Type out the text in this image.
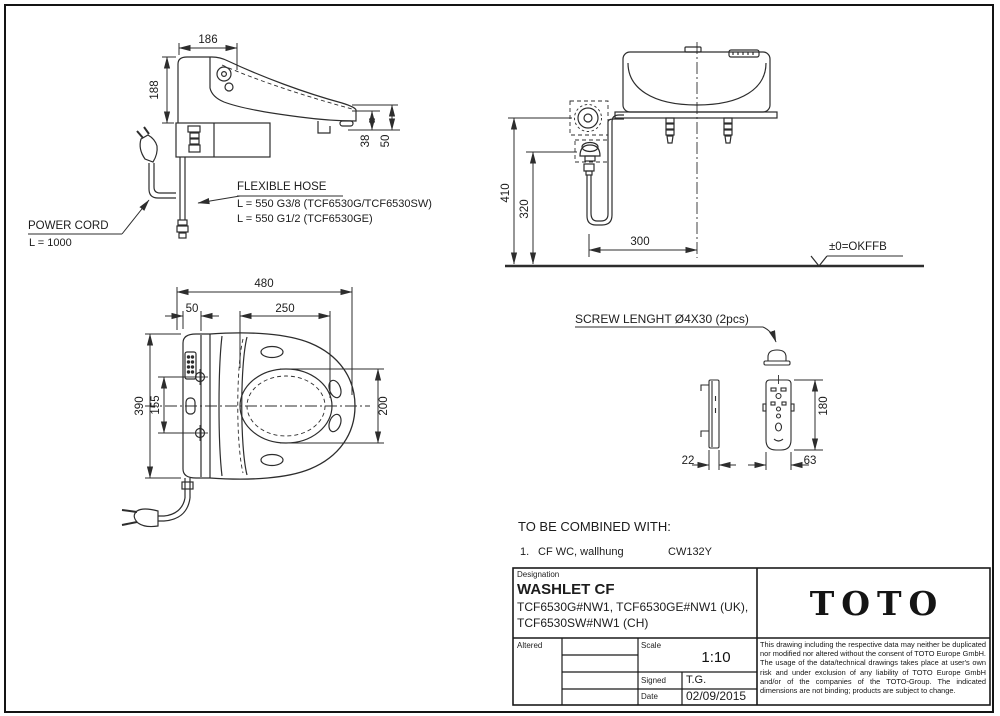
186
188
38 50
FLEXIBLE HOSE
L = 550 G3/8 (TCF6530G/TCF6530SW)
L = 550 G1/2 (TCF6530GE)
POWER CORD
L = 1000
410
320
300	±0=OKFFB
480
50	250
390 155	200
SCREW LENGHT Ø4X30 (2pcs)
22	63
180
TO BE COMBINED WITH:
1. CF WC, wallhung	CW132Y
Designation
WASHLET CF
TCF6530G#NW1, TCF6530GE#NW1 (UK),
TCF6530SW#NW1 (CH)
TOTO
Altered	Scale
1:10
Signed T.G.
Date 02/09/2015
This drawing including the respective data may neither be duplicated nor modified nor altered without the consent of TOTO Europe GmbH. The usage of the data/technical drawings takes place at user's own risk and under exclusion of any liability of TOTO Europe GmbH and/or of the companies of the TOTO-Group. The indicated dimensions are not binding; products are subject to change.
